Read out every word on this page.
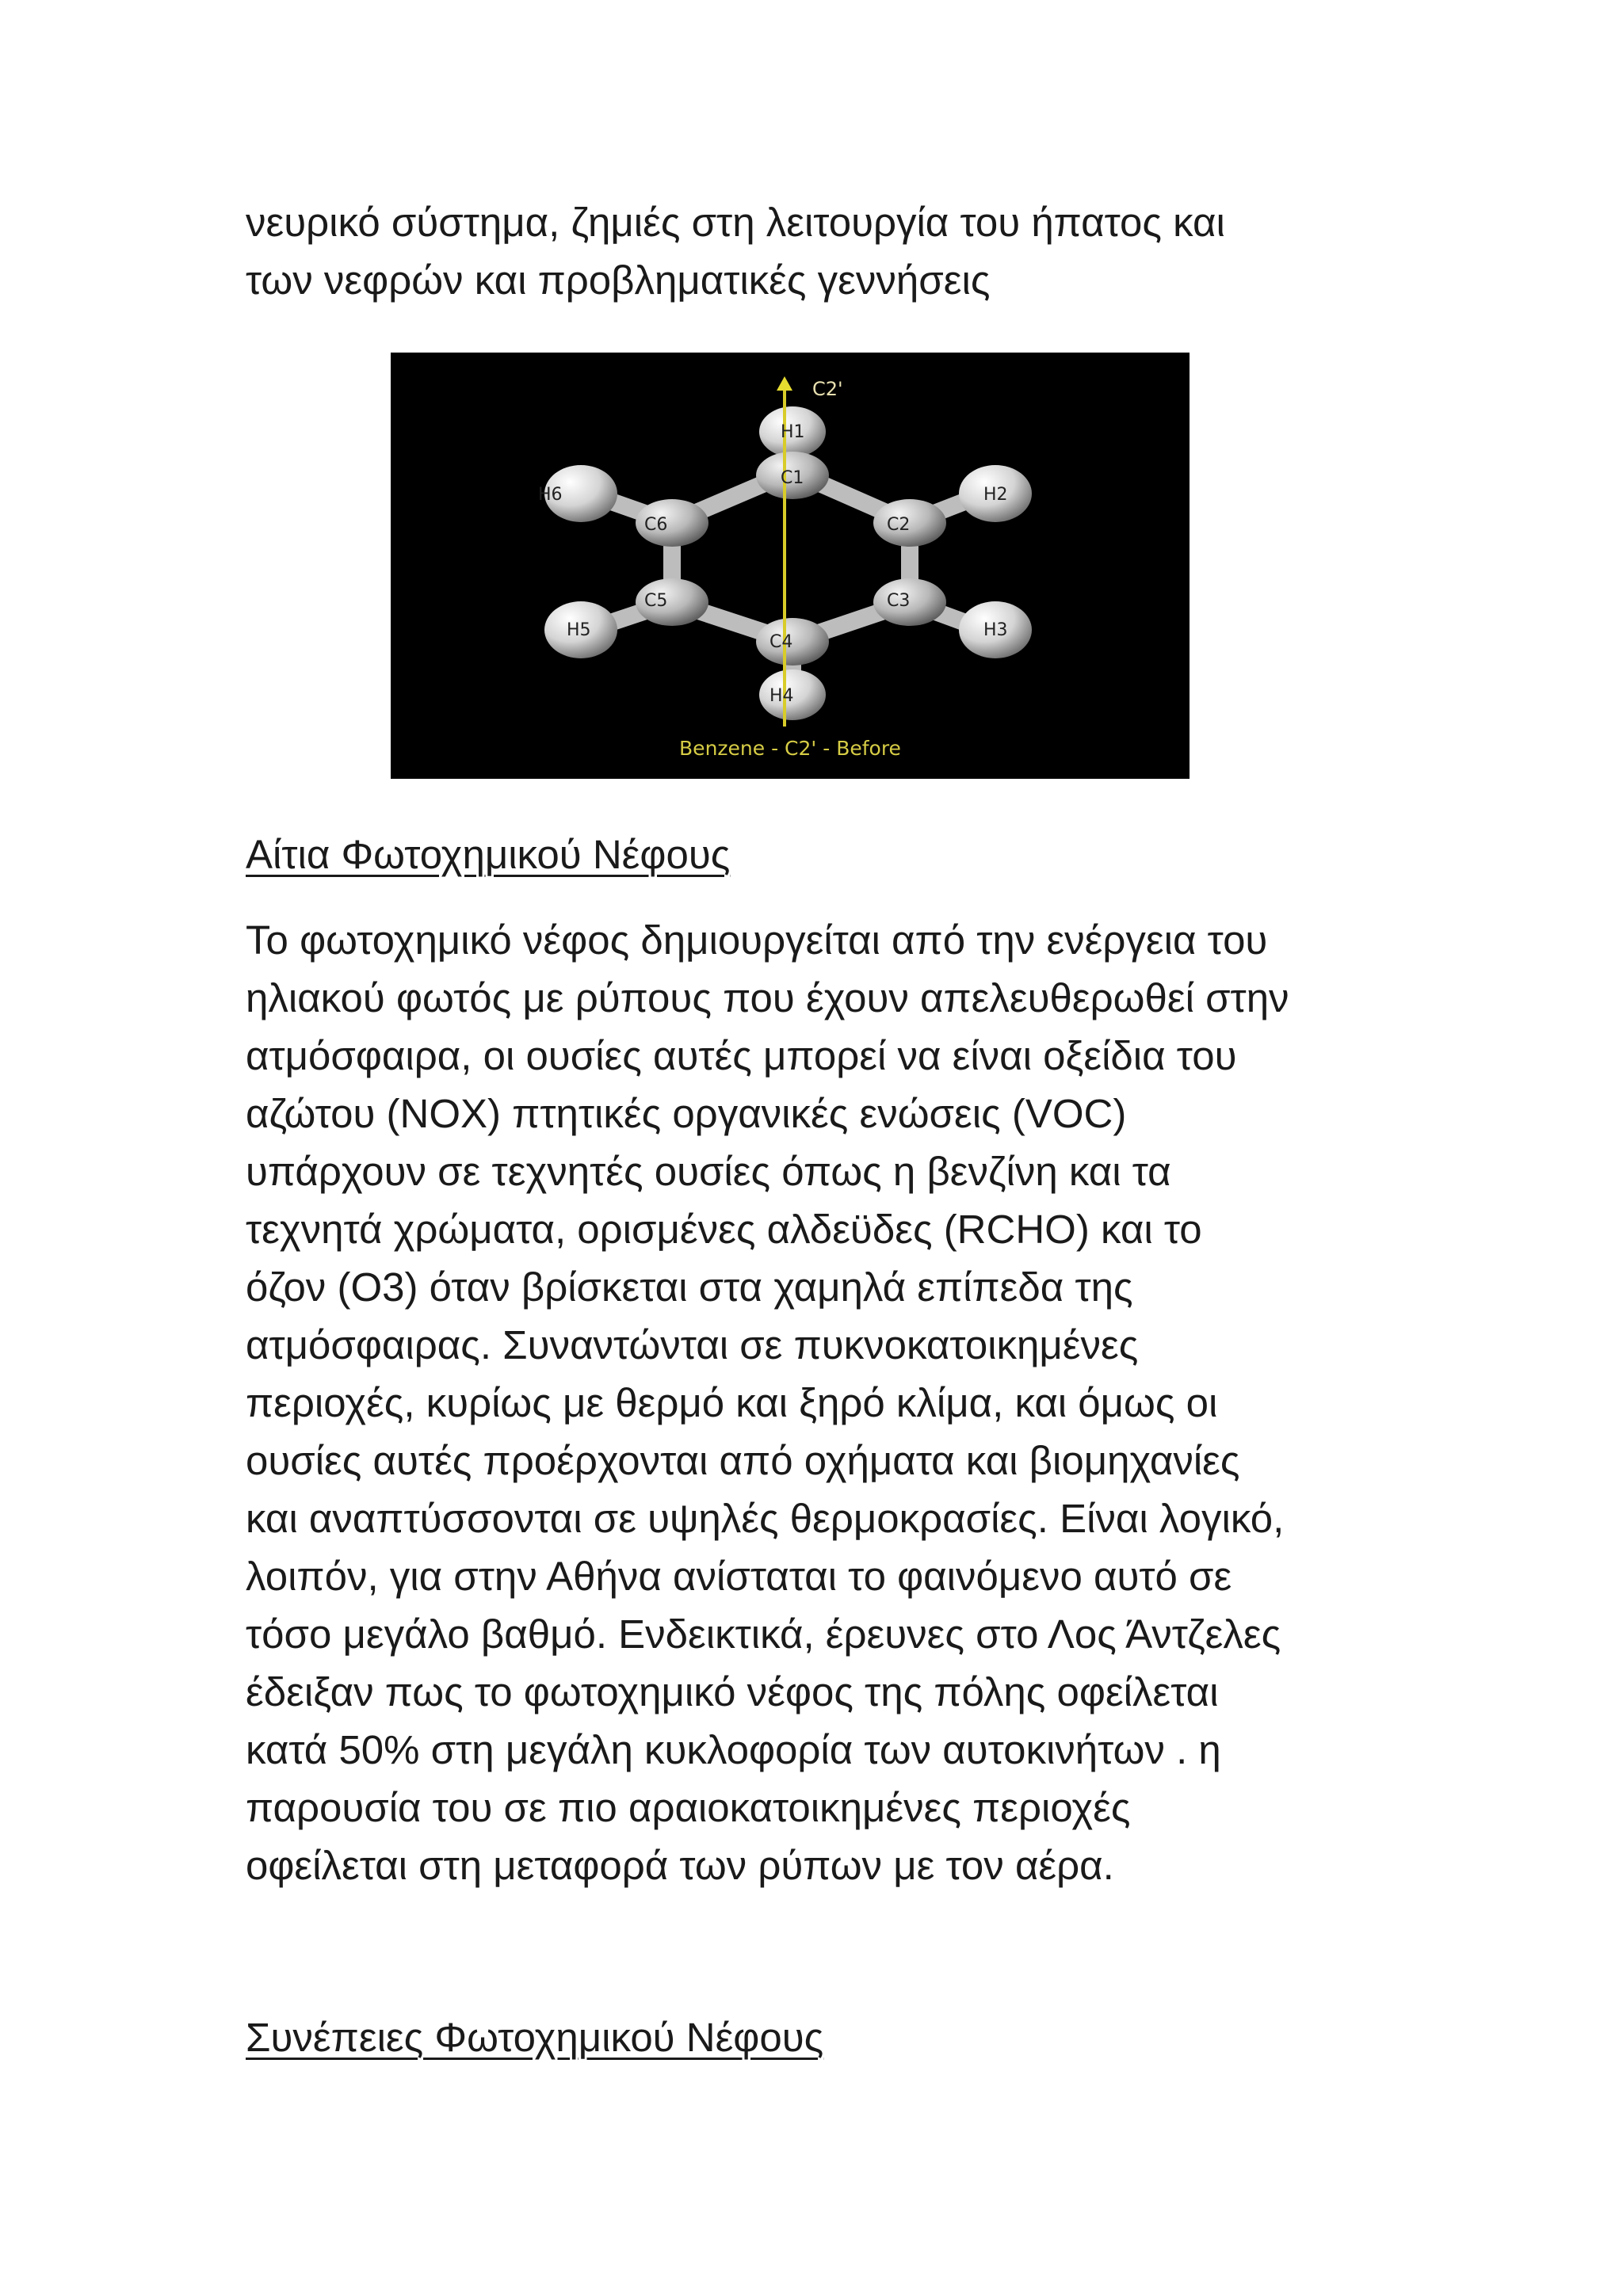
νευρικό σύστημα, ζημιές στη λειτουργία του ήπατος και
των νεφρών και προβληματικές γεννήσεις
C2'
H1
C1
H2
C2
C3
H3
C4
H4
C5
H5
C6
H6
Benzene - C2' - Before
Αίτια Φωτοχημικού Νέφους
Το φωτοχημικό νέφος δημιουργείται από την ενέργεια του
ηλιακού φωτός με ρύπους που έχουν απελευθερωθεί στην
ατμόσφαιρα, οι ουσίες αυτές μπορεί να είναι οξείδια του
αζώτου (NOX) πτητικές οργανικές ενώσεις (VOC)
υπάρχουν σε τεχνητές ουσίες όπως η βενζίνη και τα
τεχνητά χρώματα, ορισμένες αλδεϋδες (RCHO) και το
όζον (O3) όταν βρίσκεται στα χαμηλά επίπεδα της
ατμόσφαιρας. Συναντώνται σε πυκνοκατοικημένες
περιοχές, κυρίως με θερμό και ξηρό κλίμα, και όμως οι
ουσίες αυτές προέρχονται από οχήματα και βιομηχανίες
και αναπτύσσονται σε υψηλές θερμοκρασίες. Είναι λογικό,
λοιπόν, για στην Αθήνα ανίσταται το φαινόμενο αυτό σε
τόσο μεγάλο βαθμό. Ενδεικτικά, έρευνες στο Λος Άντζελες
έδειξαν πως το φωτοχημικό νέφος της πόλης οφείλεται
κατά 50% στη μεγάλη κυκλοφορία των αυτοκινήτων . η
παρουσία του σε πιο αραιοκατοικημένες περιοχές
οφείλεται στη μεταφορά των ρύπων με τον αέρα.
Συνέπειες Φωτοχημικού Νέφους
